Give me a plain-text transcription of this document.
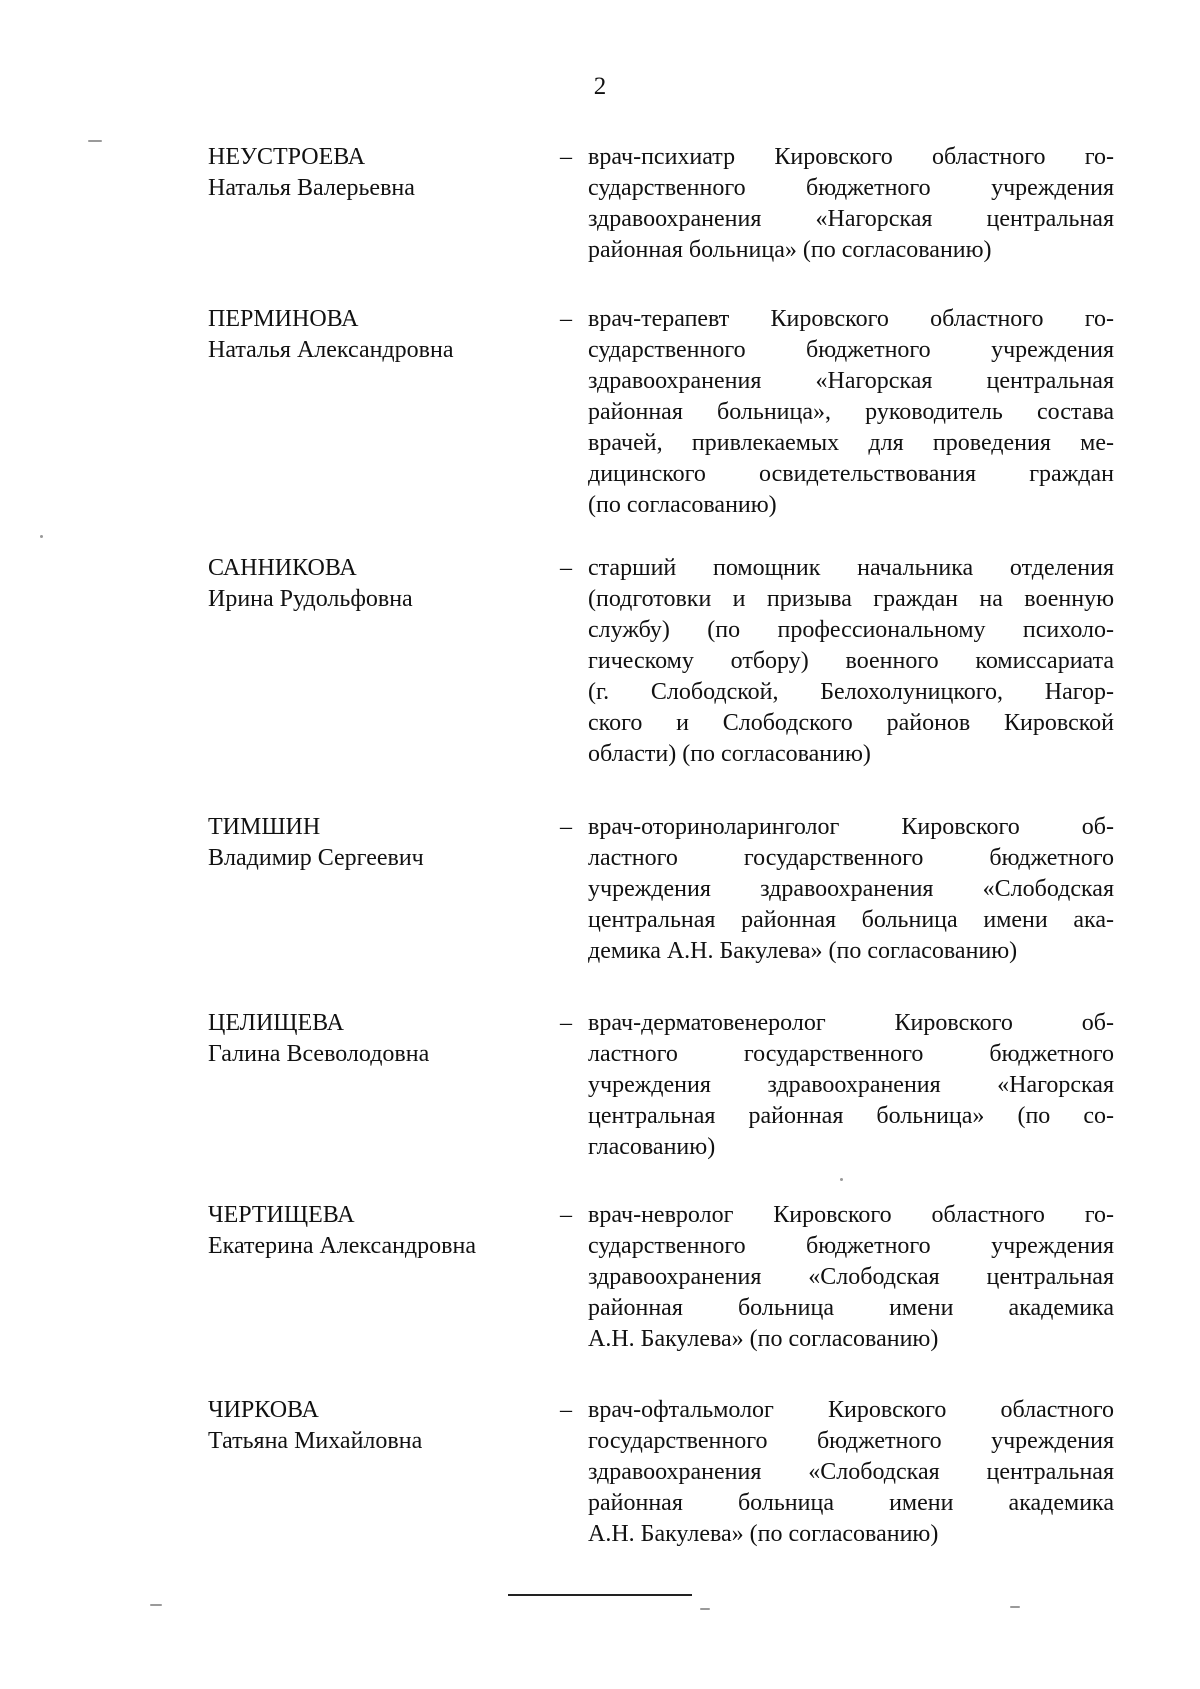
2
НЕУСТРОЕВА
Наталья Валерьевна
– врач-психиатр Кировского областного го-
сударственного бюджетного учреждения
здравоохранения «Нагорская центральная
районная больница» (по согласованию)
ПЕРМИНОВА
Наталья Александровна
– врач-терапевт Кировского областного го-
сударственного бюджетного учреждения
здравоохранения «Нагорская центральная
районная больница», руководитель состава
врачей, привлекаемых для проведения ме-
дицинского освидетельствования граждан
(по согласованию)
САННИКОВА
Ирина Рудольфовна
– старший помощник начальника отделения
(подготовки и призыва граждан на военную
службу) (по профессиональному психоло-
гическому отбору) военного комиссариата
(г. Слободской, Белохолуницкого, Нагор-
ского и Слободского районов Кировской
области) (по согласованию)
ТИМШИН
Владимир Сергеевич
– врач-оториноларинголог Кировского об-
ластного государственного бюджетного
учреждения здравоохранения «Слободская
центральная районная больница имени ака-
демика А.Н. Бакулева» (по согласованию)
ЦЕЛИЩЕВА
Галина Всеволодовна
– врач-дерматовенеролог Кировского об-
ластного государственного бюджетного
учреждения здравоохранения «Нагорская
центральная районная больница» (по со-
гласованию)
ЧЕРТИЩЕВА
Екатерина Александровна
– врач-невролог Кировского областного го-
сударственного бюджетного учреждения
здравоохранения «Слободская центральная
районная больница имени академика
А.Н. Бакулева» (по согласованию)
ЧИРКОВА
Татьяна Михайловна
– врач-офтальмолог Кировского областного
государственного бюджетного учреждения
здравоохранения «Слободская центральная
районная больница имени академика
А.Н. Бакулева» (по согласованию)
